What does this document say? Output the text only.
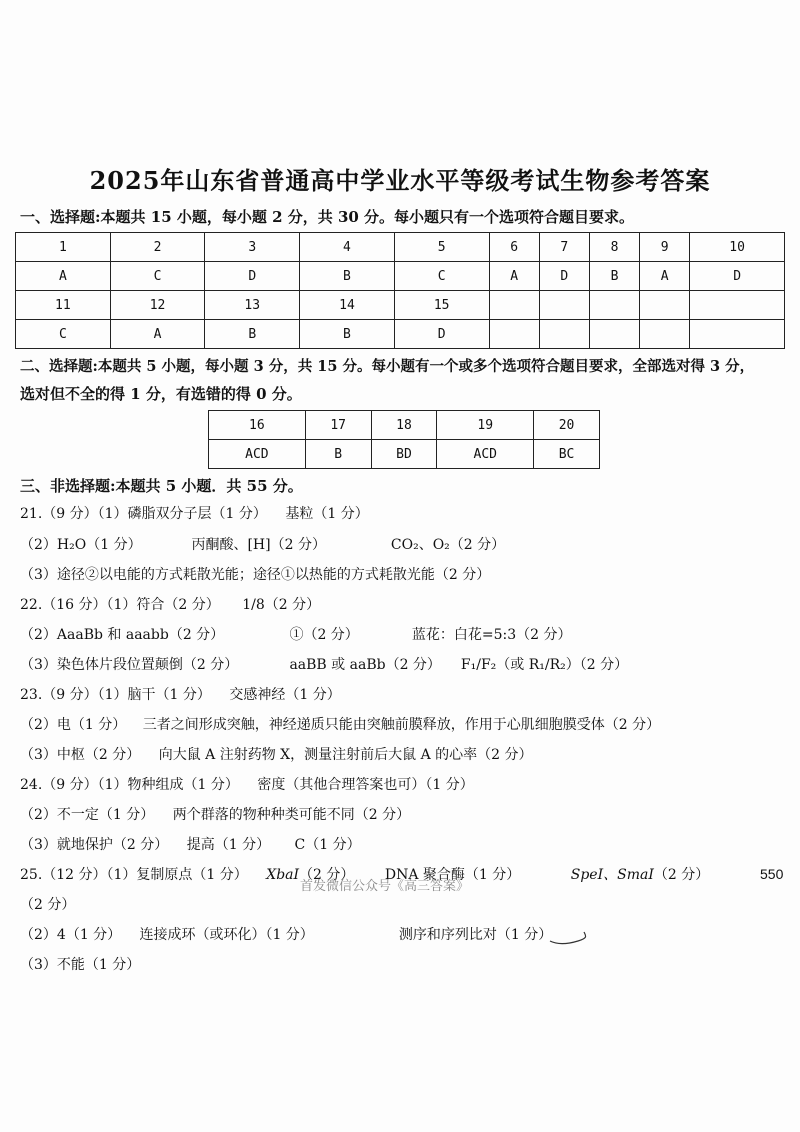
2025年山东省普通高中学业水平等级考试生物参考答案
一、选择题:本题共 15 小题，每小题 2 分，共 30 分。每小题只有一个选项符合题目要求。
1	2	3	4	5	6	7	8	9	10
A	C	D	B	C	A	D	B	A	D
11	12	13	14	15					
C	A	B	B	D					
二、选择题:本题共 5 小题，每小题 3 分，共 15 分。每小题有一个或多个选项符合题目要求，全部选对得 3 分，
选对但不全的得 1 分，有选错的得 0 分。
16	17	18	19	20
ACD	B	BD	ACD	BC
三、非选择题:本题共 5 小题．共 55 分。
21.（9 分）（1）磷脂双分子层（1 分） 基粒（1 分）
（2）H₂O（1 分）	丙酮酸、[H]（2 分）	CO₂、O₂（2 分）
（3）途径②以电能的方式耗散光能；途径①以热能的方式耗散光能（2 分）
22.（16 分）（1）符合（2 分） 1/8（2 分）
（2）AaaBb 和 aaabb（2 分）	①（2 分）	蓝花：白花=5:3（2 分）
（3）染色体片段位置颠倒（2 分）	aaBB 或 aaBb（2 分） F₁/F₂（或 R₁/R₂）（2 分）
23.（9 分）（1）脑干（1 分） 交感神经（1 分）
（2）电（1 分） 三者之间形成突触，神经递质只能由突触前膜释放，作用于心肌细胞膜受体（2 分）
（3）中枢（2 分） 向大鼠 A 注射药物 X，测量注射前后大鼠 A 的心率（2 分）
24.（9 分）（1）物种组成（1 分） 密度（其他合理答案也可）（1 分）
（2）不一定（1 分） 两个群落的物种种类可能不同（2 分）
（3）就地保护（2 分） 提高（1 分） C（1 分）
25.（12 分）（1）复制原点（1 分） XbaⅠ（2 分） DNA 聚合酶（1 分）	SpeⅠ、SmaⅠ（2 分）	550
首发微信公众号《高三答案》
（2 分）
（2）4（1 分） 连接成环（或环化）（1 分）	测序和序列比对（1 分）
（3）不能（1 分）
